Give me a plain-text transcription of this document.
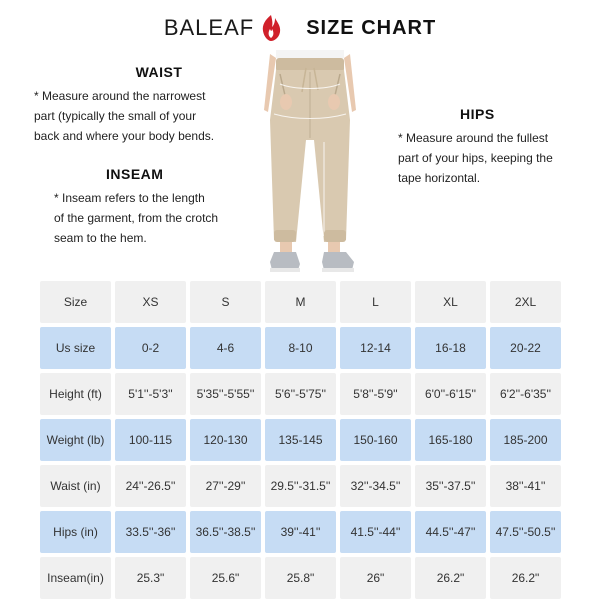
BALEAF	SIZE CHART
WAIST
* Measure around the narrowest
part (typically the small of your
back and where your body bends.
INSEAM
* Inseam refers to the length
of the garment, from the crotch
seam to the hem.
HIPS
* Measure around the fullest
part of your hips, keeping the
tape horizontal.
Size	XS	S	M	L	XL	2XL
Us size	0-2	4-6	8-10	12-14	16-18	20-22
Height (ft)	5'1''-5'3''	5'35''-5'55''	5'6''-5'75''	5'8''-5'9''	6'0''-6'15''	6'2''-6'35''
Weight (lb)	100-115	120-130	135-145	150-160	165-180	185-200
Waist (in)	24''-26.5''	27''-29''	29.5''-31.5''	32''-34.5''	35''-37.5''	38''-41''
Hips (in)	33.5''-36''	36.5''-38.5''	39''-41''	41.5''-44''	44.5''-47''	47.5''-50.5''
Inseam(in)	25.3"	25.6"	25.8"	26"	26.2"	26.2"
